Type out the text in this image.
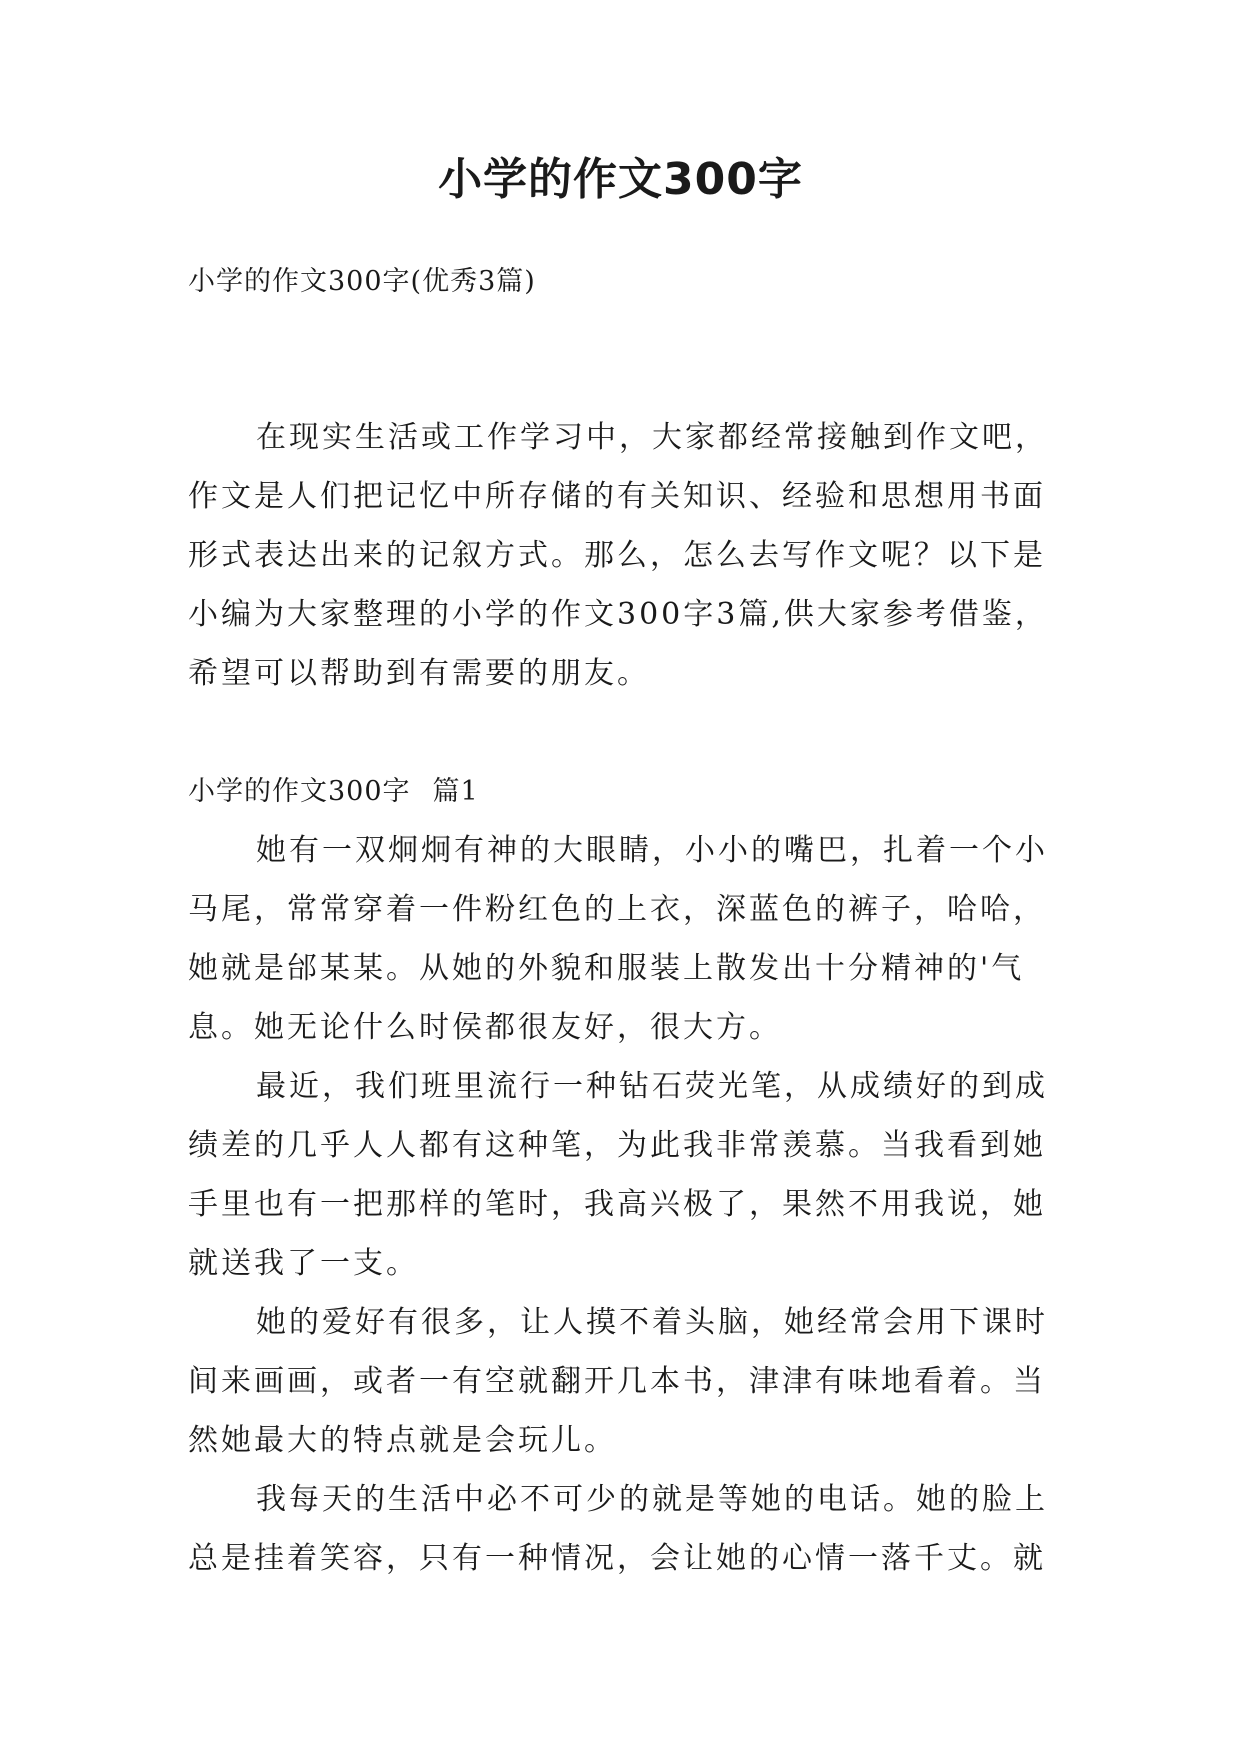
小学的作文300字

小学的作文300字(优秀3篇)

在现实生活或工作学习中，大家都经常接触到作文吧，
作文是人们把记忆中所存储的有关知识、经验和思想用书面
形式表达出来的记叙方式。那么，怎么去写作文呢？以下是
小编为大家整理的小学的作文300字3篇,供大家参考借鉴，
希望可以帮助到有需要的朋友。
小学的作文300字 篇1
她有一双炯炯有神的大眼睛，小小的嘴巴，扎着一个小
马尾，常常穿着一件粉红色的上衣，深蓝色的裤子，哈哈，
她就是邰某某。从她的外貌和服装上散发出十分精神的'气
息。她无论什么时侯都很友好，很大方。
最近，我们班里流行一种钻石荧光笔，从成绩好的到成
绩差的几乎人人都有这种笔，为此我非常羡慕。当我看到她
手里也有一把那样的笔时，我高兴极了，果然不用我说，她
就送我了一支。
她的爱好有很多，让人摸不着头脑，她经常会用下课时
间来画画，或者一有空就翻开几本书，津津有味地看着。当
然她最大的特点就是会玩儿。
我每天的生活中必不可少的就是等她的电话。她的脸上
总是挂着笑容，只有一种情况，会让她的心情一落千丈。就
